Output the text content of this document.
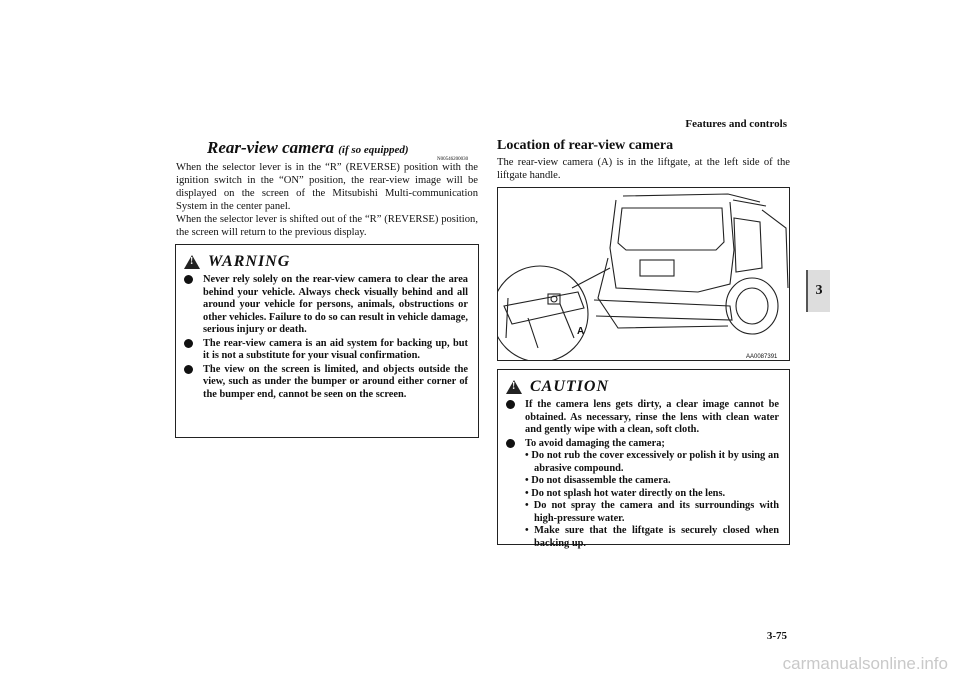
Features and controls
3
Rear-view camera (if so equipped)
N00546200030

When the selector lever is in the “R” (REVERSE) position with the ignition switch in the “ON” position, the rear-view image will be displayed on the screen of the Mitsubishi Multi-communication System in the center panel.

When the selector lever is shifted out of the “R” (REVERSE) position, the screen will return to the previous display.

!
WARNING
Never rely solely on the rear-view camera to clear the area behind your vehicle. Always check visually behind and all around your vehicle for persons, animals, obstructions or other vehicles. Failure to do so can result in vehicle damage, serious injury or death.
The rear-view camera is an aid system for backing up, but it is not a substitute for your visual confirmation.
The view on the screen is limited, and objects outside the view, such as under the bumper or around either corner of the bumper end, cannot be seen on the screen.
Location of rear-view camera
The rear-view camera (A) is in the liftgate, at the left side of the liftgate handle.
A
AA0087391
!
CAUTION
If the camera lens gets dirty, a clear image cannot be obtained. As necessary, rinse the lens with clean water and gently wipe with a clean, soft cloth.
To avoid damaging the camera;
• Do not rub the cover excessively or polish it by using an abrasive compound.
• Do not disassemble the camera.
• Do not splash hot water directly on the lens.
• Do not spray the camera and its surroundings with high-pressure water.
• Make sure that the liftgate is securely closed when backing up.
3-75
carmanualsonline.info
